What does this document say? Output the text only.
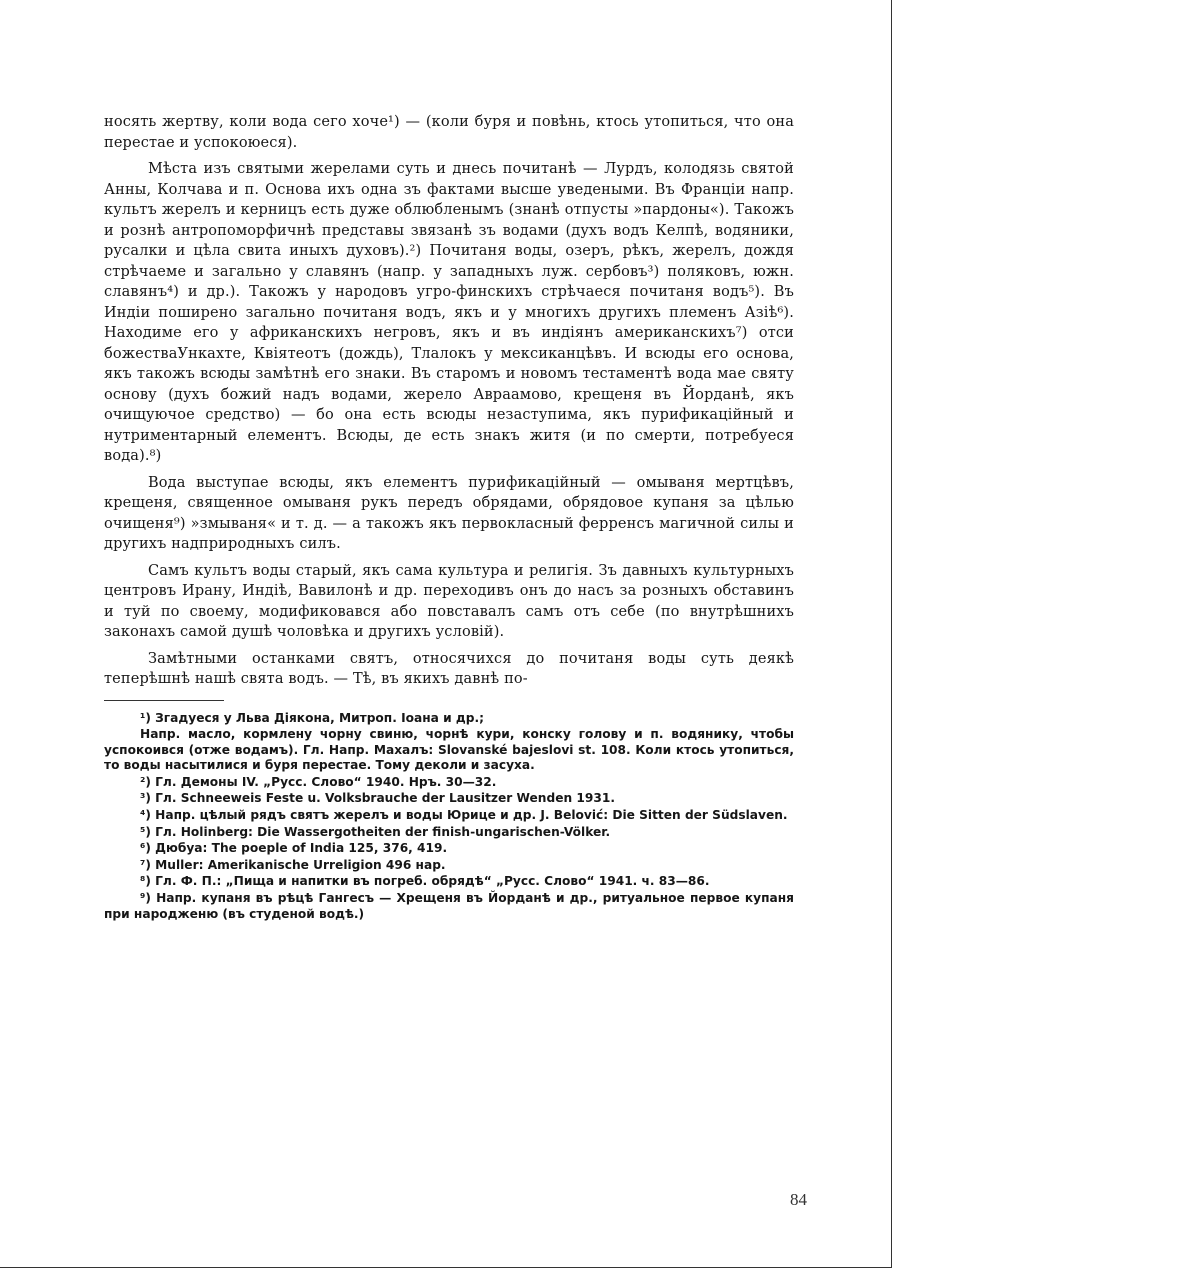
носять жертву, коли вода сего хоче¹) — (коли буря и повѣнь, ктось утопиться, что она перестае и успокоюеся).

Мѣста изъ святыми жерелами суть и днесь почитанѣ — Лурдъ, колодязь святой Анны, Колчава и п. Основа ихъ одна зъ фактами высше уведеными. Въ Франціи напр. культъ жерелъ и керницъ есть дуже облюбленымъ (знанѣ отпусты »пардоны«). Такожъ и рознѣ антропоморфичнѣ представы звязанѣ зъ водами (духъ водъ Келпѣ, водяники, русалки и цѣла свита иныхъ духовъ).²) Почитаня воды, озеръ, рѣкъ, жерелъ, дождя стрѣчаеме и загально у славянъ (напр. у западныхъ луж. сербовъ³) поляковъ, южн. славянъ⁴) и др.). Такожъ у народовъ угро-финскихъ стрѣчаеся почитаня водъ⁵). Въ Индіи поширено загально почитаня водъ, якъ и у многихъ другихъ племенъ Азіѣ⁶). Находиме его у африканскихъ негровъ, якъ и въ индіянъ американскихъ⁷) отси божестваУнкахте, Квіятеотъ (дождь), Тлалокъ у мексиканцѣвъ. И всюды его основа, якъ такожъ всюды замѣтнѣ его знаки. Въ старомъ и новомъ тестаментѣ вода мае святу основу (духъ божий надъ водами, жерело Авраамово, крещеня въ Йорданѣ, якъ очищуючое средство) — бо она есть всюды незаступима, якъ пурификаційный и нутриментарный елементъ. Всюды, де есть знакъ житя (и по смерти, потребуеся вода).⁸)

Вода выступае всюды, якъ елементъ пурификаційный — омываня мертцѣвъ, крещеня, священное омываня рукъ передъ обрядами, обрядовое купаня за цѣлью очищеня⁹) »змываня« и т. д. — а такожъ якъ первокласный ферренсъ магичной силы и другихъ надприродныхъ силъ.

Самъ культъ воды старый, якъ сама культура и религія. Зъ давныхъ культурныхъ центровъ Ирану, Индіѣ, Вавилонѣ и др. переходивъ онъ до насъ за розныхъ обставинъ и туй по своему, модификовався або повставалъ самъ отъ себе (по внутрѣшнихъ законахъ самой душѣ чоловѣка и другихъ условій).

Замѣтными останками святъ, относячихся до почитаня воды суть деякѣ теперѣшнѣ нашѣ свята водъ. — Тѣ, въ якихъ давнѣ по-

¹) Згадуеся у Льва Діякона, Митроп. Іоана и др.;

Напр. масло, кормлену чорну свиню, чорнѣ кури, конску голову и п. водянику, чтобы успокоився (отже водамъ). Гл. Напр. Махалъ: Slovanské bajeslovi st. 108. Коли ктось утопиться, то воды насытилися и буря перестае. Тому деколи и засуха.

²) Гл. Демоны IV. „Русс. Слово“ 1940. Нръ. 30—32.

³) Гл. Schneeweis Feste u. Volksbrauche der Lausitzer Wenden 1931.

⁴) Напр. цѣлый рядъ святъ жерелъ и воды Юрице и др. J. Belović: Die Sitten der Südslaven.

⁵) Гл. Holinberg: Die Wassergotheiten der finish-ungarischen-Völker.

⁶) Дюбуа: The poeple of India 125, 376, 419.

⁷) Muller: Amerikanische Urreligion 496 нар.

⁸) Гл. Ф. П.: „Пища и напитки въ погреб. обрядѣ“ „Русс. Слово“ 1941. ч. 83—86.

⁹) Напр. купаня въ рѣцѣ Гангесъ — Хрещеня въ Йорданѣ и др., ритуальное первое купаня при народженю (въ студеной водѣ.)

84
